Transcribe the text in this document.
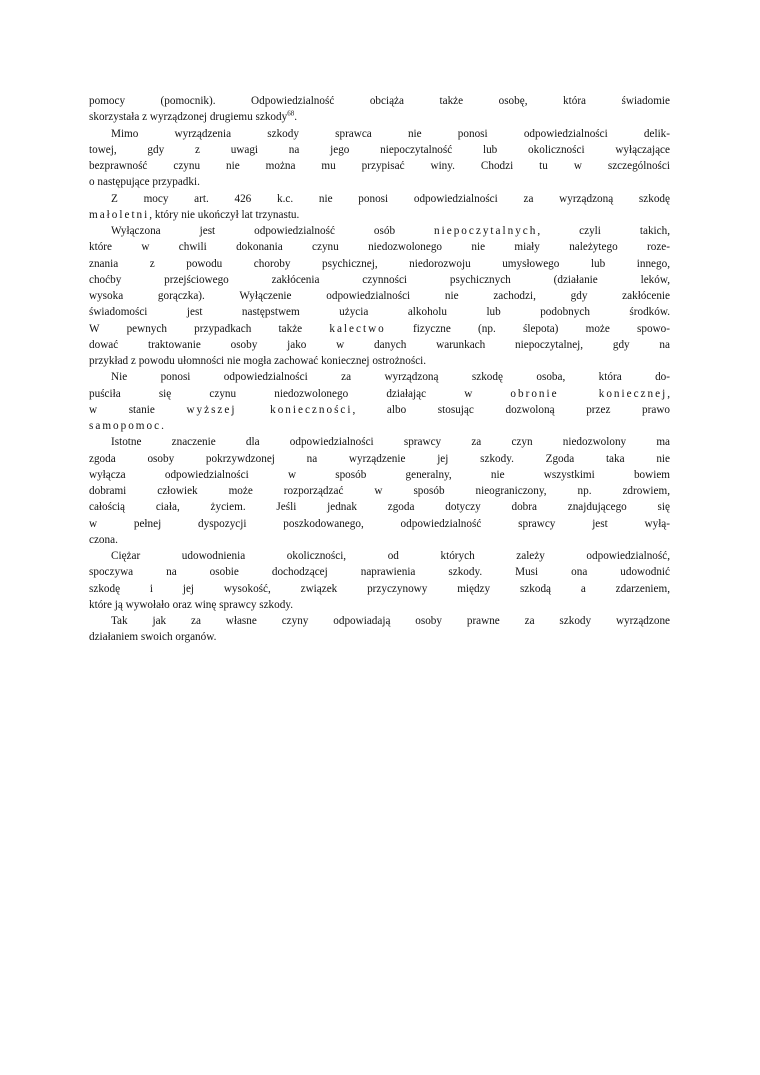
pomocy (pomocnik). Odpowiedzialność obciąża także osobę, która świadomie
skorzystała z wyrządzonej drugiemu szkody$^{68}$.
Mimo wyrządzenia szkody sprawca nie ponosi odpowiedzialności delik-
towej, gdy z uwagi na jego niepoczytalność lub okoliczności wyłączające
bezprawność czynu nie można mu przypisać winy. Chodzi tu w szczególności
o następujące przypadki.
Z mocy art. 426 k.c. nie ponosi odpowiedzialności za wyrządzoną szkodę
małoletni, który nie ukończył lat trzynastu.
Wyłączona jest odpowiedzialność osób	niepoczytalnych, czyli takich,
które w chwili dokonania czynu niedozwolonego nie miały należytego roze-
znania z powodu choroby psychicznej, niedorozwoju umysłowego lub innego,
choćby przejściowego zakłócenia czynności psychicznych (działanie leków,
wysoka gorączka). Wyłączenie odpowiedzialności nie zachodzi, gdy zakłócenie
świadomości jest następstwem użycia alkoholu lub podobnych środków.
W pewnych przypadkach także kalectwo fizyczne (np. ślepota) może spowo-
dować traktowanie osoby jako w danych warunkach niepoczytalnej, gdy na
przykład z powodu ułomności nie mogła zachować koniecznej ostrożności.
Nie ponosi odpowiedzialności za wyrządzoną szkodę osoba, która do-
puściła się czynu niedozwolonego działając w	obronie koniecznej,
w stanie	wyższej konieczności, albo stosując dozwoloną przez prawo
samopomoc.
Istotne znaczenie dla odpowiedzialności sprawcy za czyn niedozwolony ma
zgoda osoby pokrzywdzonej na wyrządzenie jej szkody. Zgoda taka nie
wyłącza odpowiedzialności w sposób generalny, nie wszystkimi bowiem
dobrami człowiek może rozporządzać w sposób nieograniczony, np. zdrowiem,
całością ciała, życiem. Jeśli jednak zgoda dotyczy dobra znajdującego się
w pełnej dyspozycji poszkodowanego, odpowiedzialność sprawcy jest wyłą-
czona.
Ciężar udowodnienia okoliczności, od których zależy odpowiedzialność,
spoczywa na osobie dochodzącej naprawienia szkody. Musi ona udowodnić
szkodę i jej wysokość, związek przyczynowy między szkodą a zdarzeniem,
które ją wywołało oraz winę sprawcy szkody.
Tak jak za własne czyny odpowiadają osoby prawne za szkody wyrządzone
działaniem swoich organów.
